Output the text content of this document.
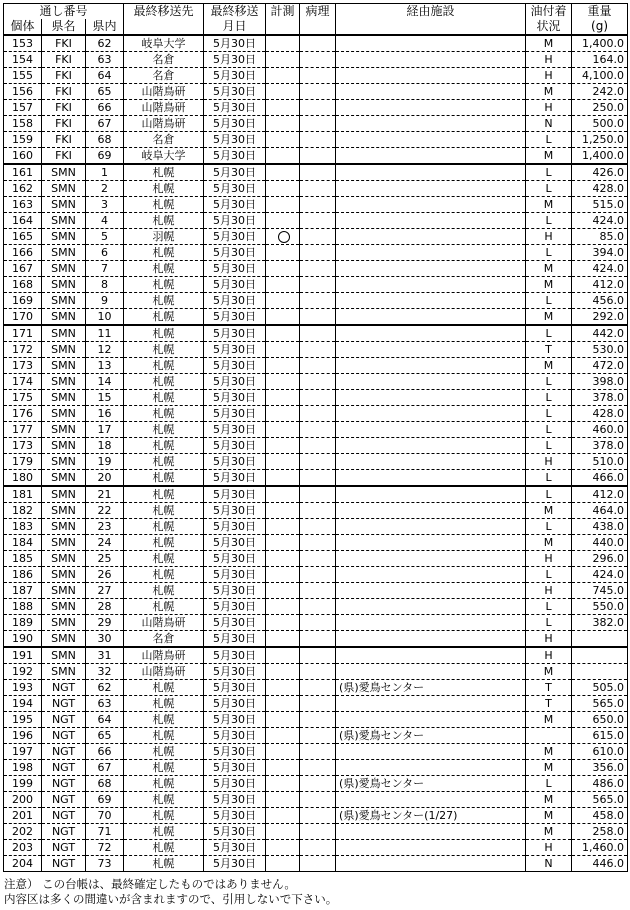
通し番号			最終移送先	最終移送	計測	病理	経由施設	油付着	重量
個体	県名	県内		月日				状況	(g)
153	FKI	62	岐阜大学	5月30日				M	1,400.0
154	FKI	63	名倉	5月30日				H	164.0
155	FKI	64	名倉	5月30日				H	4,100.0
156	FKI	65	山階鳥研	5月30日				M	242.0
157	FKI	66	山階鳥研	5月30日				H	250.0
158	FKI	67	山階鳥研	5月30日				N	500.0
159	FKI	68	名倉	5月30日				L	1,250.0
160	FKI	69	岐阜大学	5月30日				M	1,400.0
161	SMN	1	札幌	5月30日				L	426.0
162	SMN	2	札幌	5月30日				L	428.0
163	SMN	3	札幌	5月30日				M	515.0
164	SMN	4	札幌	5月30日				L	424.0
165	SMN	5	羽幌	5月30日				H	85.0
166	SMN	6	札幌	5月30日				L	394.0
167	SMN	7	札幌	5月30日				M	424.0
168	SMN	8	札幌	5月30日				M	412.0
169	SMN	9	札幌	5月30日				L	456.0
170	SMN	10	札幌	5月30日				M	292.0
171	SMN	11	札幌	5月30日				L	442.0
172	SMN	12	札幌	5月30日				T	530.0
173	SMN	13	札幌	5月30日				M	472.0
174	SMN	14	札幌	5月30日				L	398.0
175	SMN	15	札幌	5月30日				L	378.0
176	SMN	16	札幌	5月30日				L	428.0
177	SMN	17	札幌	5月30日				L	460.0
173	SMN	18	札幌	5月30日				L	378.0
179	SMN	19	札幌	5月30日				H	510.0
180	SMN	20	札幌	5月30日				L	466.0
181	SMN	21	札幌	5月30日				L	412.0
182	SMN	22	札幌	5月30日				M	464.0
183	SMN	23	札幌	5月30日				L	438.0
184	SMN	24	札幌	5月30日				M	440.0
185	SMN	25	札幌	5月30日				H	296.0
186	SMN	26	札幌	5月30日				L	424.0
187	SMN	27	札幌	5月30日				H	745.0
188	SMN	28	札幌	5月30日				L	550.0
189	SMN	29	山階鳥研	5月30日				L	382.0
190	SMN	30	名倉	5月30日				H	
191	SMN	31	山階鳥研	5月30日				H	
192	SMN	32	山階鳥研	5月30日				M	
193	NGT	62	札幌	5月30日			(県)愛鳥センター	T	505.0
194	NGT	63	札幌	5月30日				T	565.0
195	NGT	64	札幌	5月30日				M	650.0
196	NGT	65	札幌	5月30日			(県)愛鳥センター		615.0
197	NGT	66	札幌	5月30日				M	610.0
198	NGT	67	札幌	5月30日				M	356.0
199	NGT	68	札幌	5月30日			(県)愛鳥センター	L	486.0
200	NGT	69	札幌	5月30日				M	565.0
201	NGT	70	札幌	5月30日			(県)愛鳥センター(1/27)	M	458.0
202	NGT	71	札幌	5月30日				M	258.0
203	NGT	72	札幌	5月30日				H	1,460.0
204	NGT	73	札幌	5月30日				N	446.0
注意） この台帳は、最終確定したものではありません。
内容区は多くの間違いが含まれますので、引用しないで下さい。
